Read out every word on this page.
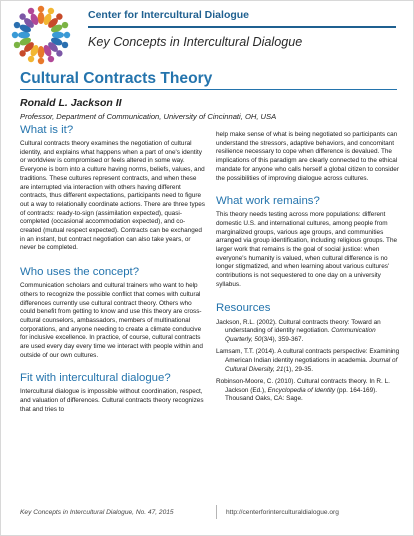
Center for Intercultural Dialogue
Key Concepts in Intercultural Dialogue
Cultural Contracts Theory
Ronald L. Jackson II
Professor, Department of Communication, University of Cincinnati, OH, USA
What is it?

Cultural contracts theory examines the negotiation of cultural identity, and explains what happens when a part of one's identity or worldview is compromised or feels altered in some way. Everyone is born into a culture having norms, beliefs, values, and traditions. These cultures represent contracts, and when these are interrupted via interaction with others having different contracts, thus different expectations, participants need to figure out a way to relationally coordinate actions. There are three types of contracts: ready-to-sign (assimilation expected), quasi-completed (occasional accommodation expected), and co-created (mutual respect expected). Contracts can be exchanged in an instant, but contract negotiation can also take years, or never be completed.

Who uses the concept?

Communication scholars and cultural trainers who want to help others to recognize the possible conflict that comes with cultural differences currently use cultural contract theory. Others who could benefit from getting to know and use this theory are cross-cultural counselors, ambassadors, members of multinational corporations, and anyone needing to create a climate conducive for inclusive excellence. In practice, of course, cultural contracts are used every day every time we interact with people within and outside of our own cultures.

Fit with intercultural dialogue?

Intercultural dialogue is impossible without coordination, respect, and valuation of differences. Cultural contracts theory recognizes that and tries to

help make sense of what is being negotiated so participants can understand the stressors, adaptive behaviors, and concomitant resilience necessary to cope when difference is devalued. The implications of this paradigm are clearly connected to the ethical mandate for anyone who calls herself a global citizen to consider the possibilities of improving dialogue across cultures.

What work remains?

This theory needs testing across more populations: different domestic U.S. and international cultures, among people from marginalized groups, various age groups, and communities arranged via group identification, including religious groups. The larger work that remains is the goal of social justice: when everyone's humanity is valued, when cultural difference is no longer stigmatized, and when learning about various cultures' contributions is not sequestered to one day on a university syllabus.

Resources
Jackson, R.L. (2002). Cultural contracts theory: Toward an understanding of identity negotiation. Communication Quarterly, 50(3/4), 359-367.
Lamsam, T.T. (2014). A cultural contracts perspective: Examining American Indian identity negotiations in academia. Journal of Cultural Diversity, 21(1), 29-35.
Robinson-Moore, C. (2010). Cultural contracts theory. In R. L. Jackson (Ed.), Encyclopedia of Identity (pp. 164-169). Thousand Oaks, CA: Sage.
Key Concepts in Intercultural Dialogue, No. 47, 2015	http://centerforinterculturaldialogue.org
